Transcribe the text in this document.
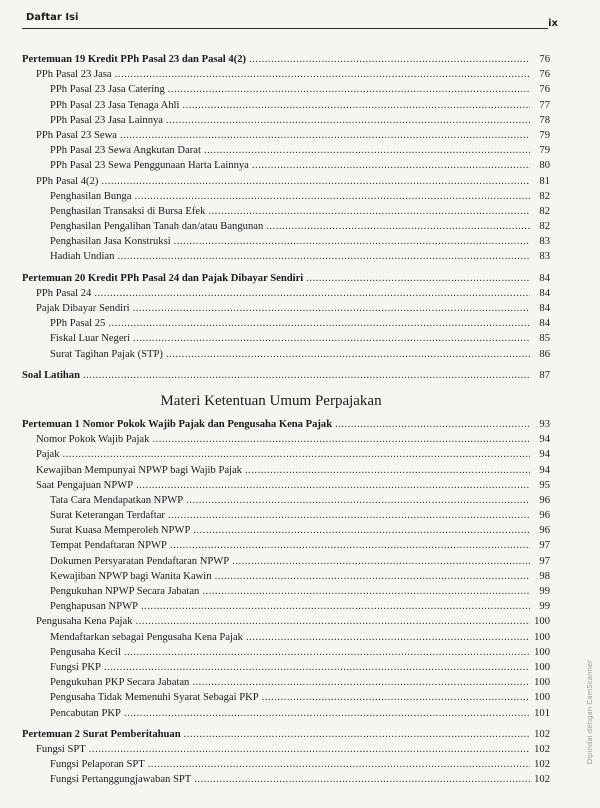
Daftar Isi
ix
Pertemuan 19 Kredit PPh Pasal 23 dan Pasal 4(2) .....	76
PPh Pasal 23 Jasa .....	76
PPh Pasal 23 Jasa Catering .....	76
PPh Pasal 23 Jasa Tenaga Ahli .....	77
PPh Pasal 23 Jasa Lainnya .....	78
PPh Pasal 23 Sewa .....	79
PPh Pasal 23 Sewa Angkutan Darat .....	79
PPh Pasal 23 Sewa Penggunaan Harta Lainnya .....	80
PPh Pasal 4(2) .....	81
Penghasilan Bunga .....	82
Penghasilan Transaksi di Bursa Efek .....	82
Penghasilan Pengalihan Tanah dan/atau Bangunan .....	82
Penghasilan Jasa Konstruksi .....	83
Hadiah Undian .....	83
Pertemuan 20 Kredit PPh Pasal 24 dan Pajak Dibayar Sendiri .....	84
PPh Pasal 24 .....	84
Pajak Dibayar Sendiri .....	84
PPh Pasal 25 .....	84
Fiskal Luar Negeri .....	85
Surat Tagihan Pajak (STP) .....	86
Soal Latihan .....	87
Materi Ketentuan Umum Perpajakan
Pertemuan 1 Nomor Pokok Wajib Pajak dan Pengusaha Kena Pajak .....	93
Nomor Pokok Wajib Pajak .....	94
Pajak .....	94
Kewajiban Mempunyai NPWP bagi Wajib Pajak .....	94
Saat Pengajuan NPWP .....	95
Tata Cara Mendapatkan NPWP .....	96
Surat Keterangan Terdaftar .....	96
Surat Kuasa Memperoleh NPWP .....	96
Tempat Pendaftaran NPWP .....	97
Dokumen Persyaratan Pendaftaran NPWP .....	97
Kewajiban NPWP bagi Wanita Kawin .....	98
Pengukuhan NPWP Secara Jabatan .....	99
Penghapusan NPWP .....	99
Pengusaha Kena Pajak .....	100
Mendaftarkan sebagai Pengusaha Kena Pajak .....	100
Pengusaha Kecil .....	100
Fungsi PKP .....	100
Pengukuhan PKP Secara Jabatan .....	100
Pengusaha Tidak Memenuhi Syarat Sebagai PKP .....	100
Pencabutan PKP .....	101
Pertemuan 2 Surat Pemberitahuan .....	102
Fungsi SPT .....	102
Fungsi Pelaporan SPT .....	102
Fungsi Pertanggungjawaban SPT .....	102
Dipindai dengan CamScanner
